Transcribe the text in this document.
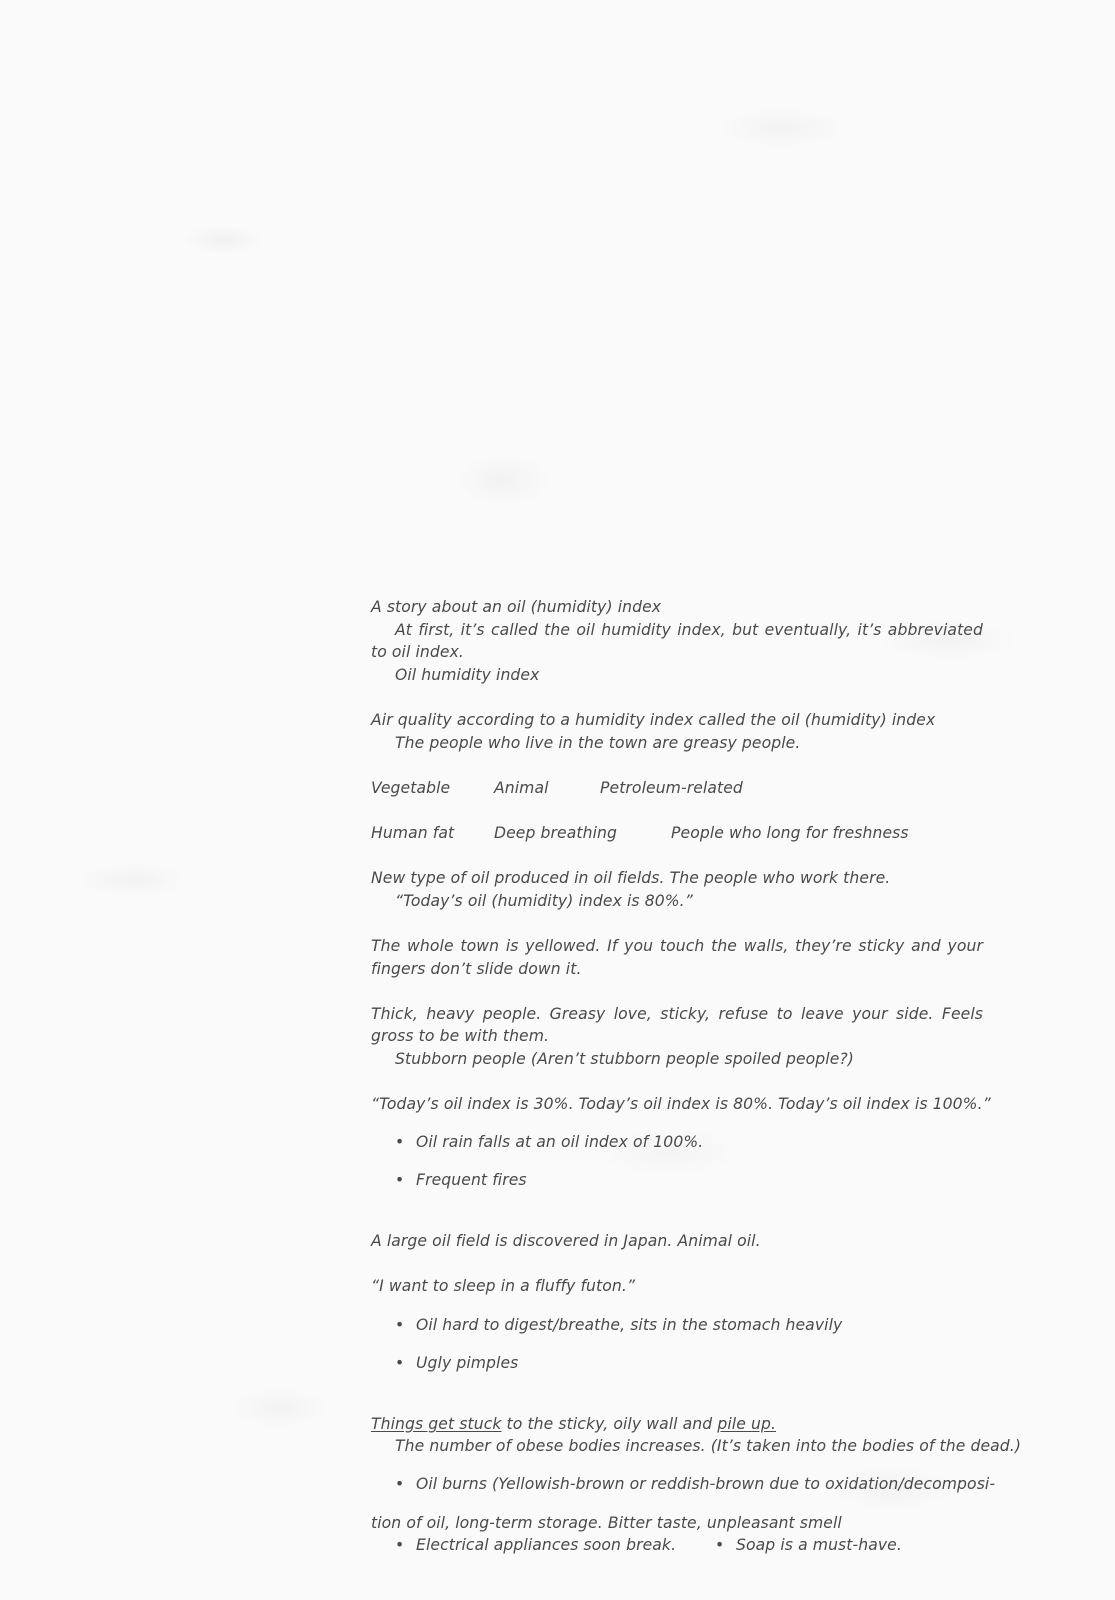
A story about an oil (humidity) index

At first, it’s called the oil humidity index, but eventually, it’s abbreviated to oil index.

Oil humidity index

Air quality according to a humidity index called the oil (humidity) index

The people who live in the town are greasy people.

Vegetable	Animal	Petroleum-related
Human fat	Deep breathing	People who long for freshness

New type of oil produced in oil fields. The people who work there.

“Today’s oil (humidity) index is 80%.”

The whole town is yellowed. If you touch the walls, they’re sticky and your fingers don’t slide down it.

Thick, heavy people. Greasy love, sticky, refuse to leave your side. Feels gross to be with them.

Stubborn people (Aren’t stubborn people spoiled people?)

“Today’s oil index is 30%. Today’s oil index is 80%. Today’s oil index is 100%.”

• Oil rain falls at an oil index of 100%.

• Frequent fires

A large oil field is discovered in Japan. Animal oil.

“I want to sleep in a fluffy futon.”

• Oil hard to digest/breathe, sits in the stomach heavily

• Ugly pimples

Things get stuck to the sticky, oily wall and pile up.

The number of obese bodies increases. (It’s taken into the bodies of the dead.)

• Oil burns (Yellowish-brown or reddish-brown due to oxidation/decomposi-

tion of oil, long-term storage. Bitter taste, unpleasant smell

• Electrical appliances soon break.
•	Soap is a must-have.
